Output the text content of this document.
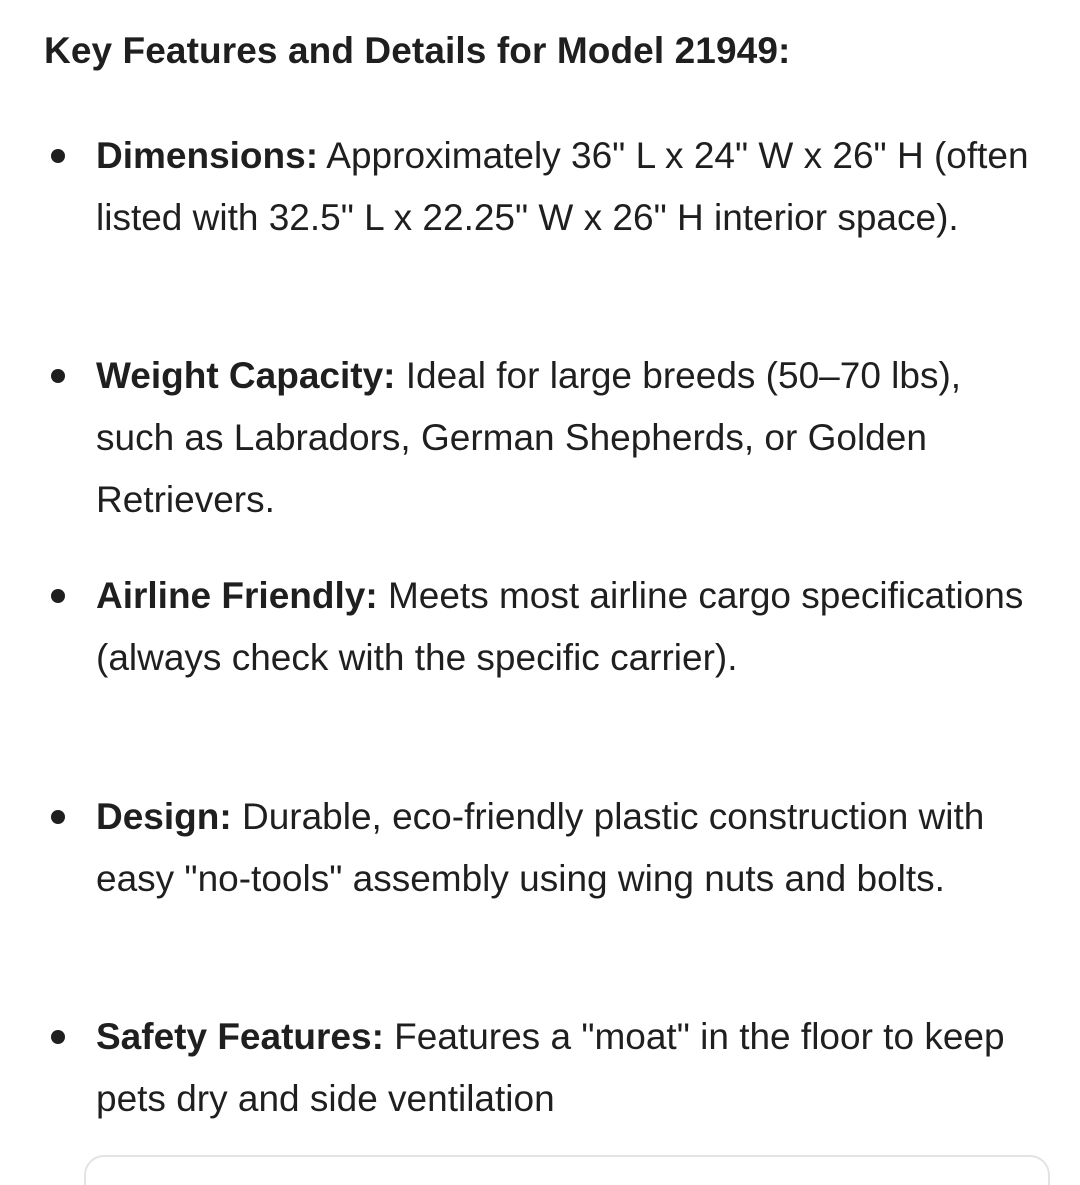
Key Features and Details for Model 21949:
Dimensions: Approximately 36" L x 24" W x 26" H (often listed with 32.5" L x 22.25" W x 26" H interior space).
Weight Capacity: Ideal for large breeds (50–70 lbs), such as Labradors, German Shepherds, or Golden Retrievers.
Airline Friendly: Meets most airline cargo specifications (always check with the specific carrier).
Design: Durable, eco-friendly plastic construction with easy "no-tools" assembly using wing nuts and bolts.
Safety Features: Features a "moat" in the floor to keep pets dry and side ventilation
